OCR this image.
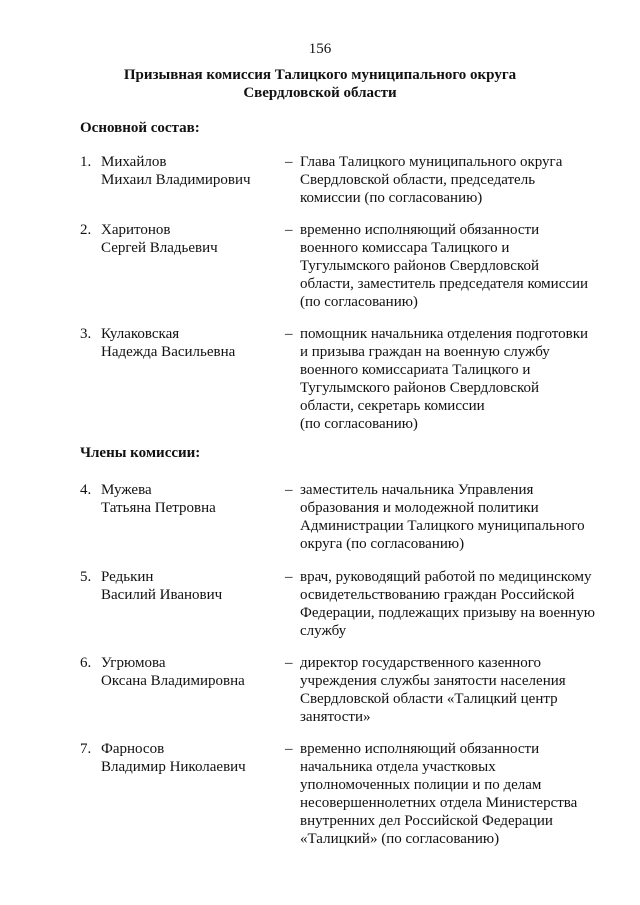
156
Призывная комиссия Талицкого муниципального округа
Свердловской области
Основной состав:
1. Михайлов
Михаил Владимирович
– Глава Талицкого муниципального округа
Свердловской области, председатель
комиссии (по согласованию)
2. Харитонов
Сергей Владьевич
– временно исполняющий обязанности
военного комиссара Талицкого и
Тугулымского районов Свердловской
области, заместитель председателя комиссии
(по согласованию)
3. Кулаковская
Надежда Васильевна
– помощник начальника отделения подготовки
и призыва граждан на военную службу
военного комиссариата Талицкого и
Тугулымского районов Свердловской
области, секретарь комиссии
(по согласованию)
Члены комиссии:
4. Мужева
Татьяна Петровна
– заместитель начальника Управления
образования и молодежной политики
Администрации Талицкого муниципального
округа (по согласованию)
5. Редькин
Василий Иванович
– врач, руководящий работой по медицинскому
освидетельствованию граждан Российской
Федерации, подлежащих призыву на военную
службу
6. Угрюмова
Оксана Владимировна
– директор государственного казенного
учреждения службы занятости населения
Свердловской области «Талицкий центр
занятости»
7. Фарносов
Владимир Николаевич
– временно исполняющий обязанности
начальника отдела участковых
уполномоченных полиции и по делам
несовершеннолетних отдела Министерства
внутренних дел Российской Федерации
«Талицкий» (по согласованию)
